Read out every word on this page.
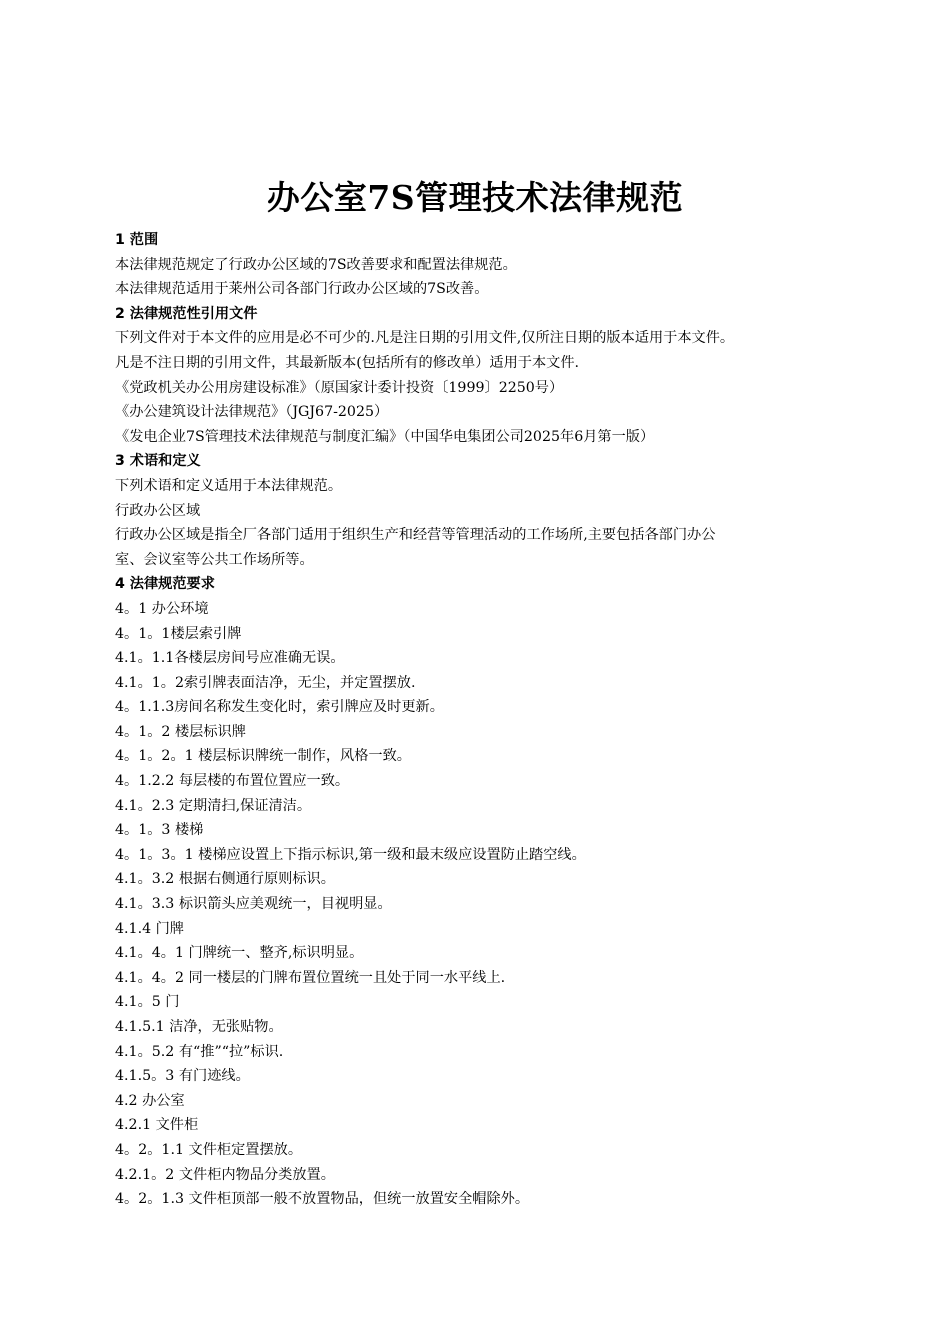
办公室7S管理技术法律规范
1 范围
本法律规范规定了行政办公区域的7S改善要求和配置法律规范。
本法律规范适用于莱州公司各部门行政办公区域的7S改善。
2 法律规范性引用文件
下列文件对于本文件的应用是必不可少的.凡是注日期的引用文件,仅所注日期的版本适用于本文件。
凡是不注日期的引用文件，其最新版本(包括所有的修改单）适用于本文件.
《党政机关办公用房建设标准》（原国家计委计投资〔1999〕2250号）
《办公建筑设计法律规范》（JGJ67-2025）
《发电企业7S管理技术法律规范与制度汇编》（中国华电集团公司2025年6月第一版）
3 术语和定义
下列术语和定义适用于本法律规范。
行政办公区域
行政办公区域是指全厂各部门适用于组织生产和经营等管理活动的工作场所,主要包括各部门办公
室、会议室等公共工作场所等。
4 法律规范要求
4。1 办公环境
4。1。1楼层索引牌
4.1。1.1各楼层房间号应准确无误。
4.1。1。2索引牌表面洁净，无尘，并定置摆放.
4。1.1.3房间名称发生变化时，索引牌应及时更新。
4。1。2 楼层标识牌
4。1。2。1 楼层标识牌统一制作，风格一致。
4。1.2.2 每层楼的布置位置应一致。
4.1。2.3 定期清扫,保证清洁。
4。1。3 楼梯
4。1。3。1 楼梯应设置上下指示标识,第一级和最末级应设置防止踏空线。
4.1。3.2 根据右侧通行原则标识。
4.1。3.3 标识箭头应美观统一，目视明显。
4.1.4 门牌
4.1。4。1 门牌统一、整齐,标识明显。
4.1。4。2 同一楼层的门牌布置位置统一且处于同一水平线上.
4.1。5 门
4.1.5.1 洁净，无张贴物。
4.1。5.2 有“推”“拉”标识.
4.1.5。3 有门迹线。
4.2 办公室
4.2.1 文件柜
4。2。1.1 文件柜定置摆放。
4.2.1。2 文件柜内物品分类放置。
4。2。1.3 文件柜顶部一般不放置物品，但统一放置安全帽除外。
